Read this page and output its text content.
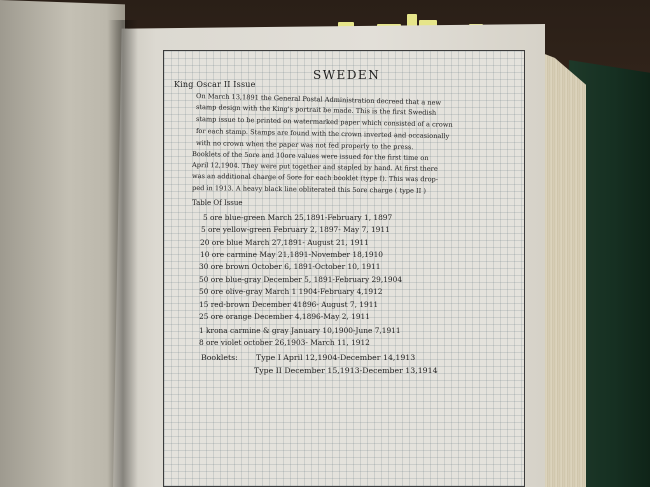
SWEDEN
King Oscar II Issue
On March 13,1891 the General Postal Administration decreed that a new
stamp design with the King's portrait be made. This is the first Swedish
stamp issue to be printed on watermarked paper which consisted of a crown
for each stamp. Stamps are found with the crown inverted and occasionally
with no crown when the paper was not fed properly to the press.
Booklets of the 5ore and 10ore values were issued for the first time on
April 12,1904. They were put together and stapled by hand. At first there
was an additional charge of 5ore for each booklet (type I). This was drop-
ped in 1913. A heavy black line obliterated this 5ore charge ( type II )
Table Of Issue
5 ore blue-green March 25,1891-February 1, 1897
5 ore yellow-green February 2, 1897- May 7, 1911
20 ore blue March 27,1891- August 21, 1911
10 ore carmine May 21,1891-November 18,1910
30 ore brown October 6, 1891-October 10, 1911
50 ore blue-gray December 5, 1891-February 29,1904
50 ore olive-gray March 1 1904-February 4,1912
15 red-brown December 41896- August 7, 1911
25 ore orange December 4,1896-May 2, 1911
1 krona carmine & gray January 10,1900-June 7,1911
8 ore violet october 26,1903- March 11, 1912
Booklets: Type I April 12,1904-December 14,1913
Type II December 15,1913-December 13,1914
